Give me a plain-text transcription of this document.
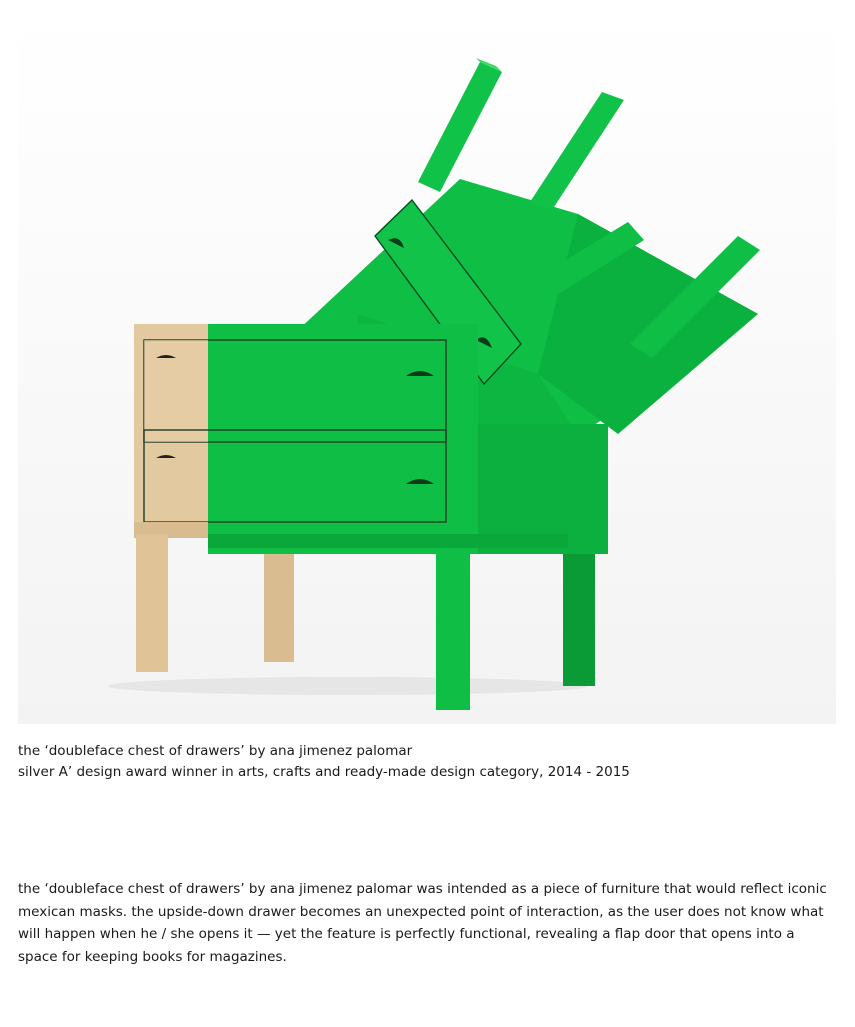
the ‘doubleface chest of drawers’ by ana jimenez palomar
silver A’ design award winner in arts, crafts and ready-made design category, 2014 - 2015

the ‘doubleface chest of drawers’ by ana jimenez palomar was intended as a piece of furniture that would reflect iconic mexican masks. the upside-down drawer becomes an unexpected point of interaction, as the user does not know what will happen when he / she opens it — yet the feature is perfectly functional, revealing a flap door that opens into a space for keeping books for magazines.
